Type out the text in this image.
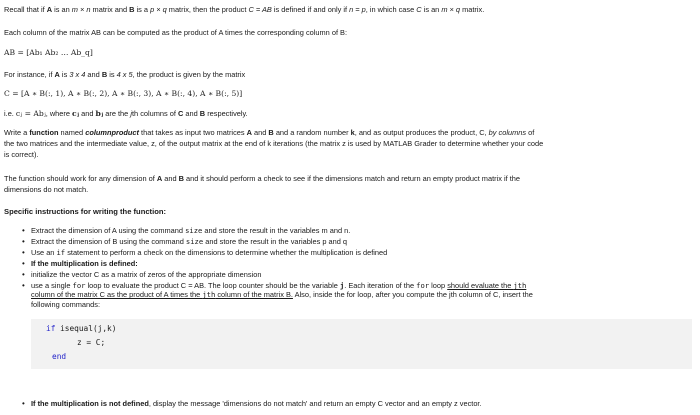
Recall that if A is an m × n matrix and B is a p × q matrix, then the product C = AB is defined if and only if n = p, in which case C is an m × q matrix.
Each column of the matrix AB can be computed as the product of A times the corresponding column of B:
AB = [Ab₁ Ab₂ … Ab_q]
For instance, if A is 3 x 4 and B is 4 x 5, the product is given by the matrix
C = [A ∗ B(:, 1), A ∗ B(:, 2), A ∗ B(:, 3), A ∗ B(:, 4), A ∗ B(:, 5)]
i.e. cⱼ = Abⱼ, where cⱼ and bⱼ are the jth columns of C and B respectively.
Write a function named columnproduct that takes as input two matrices A and B and a random number k, and as output produces the product, C, by columns of
the two matrices and the intermediate value, z, of the output matrix at the end of k iterations (the matrix z is used by MATLAB Grader to determine whether your code
is correct).
The function should work for any dimension of A and B and it should perform a check to see if the dimensions match and return an empty product matrix if the
dimensions do not match.
Specific instructions for writing the function:
• Extract the dimension of A using the command size and store the result in the variables m and n.
• Extract the dimension of B using the command size and store the result in the variables p and q
• Use an if statement to perform a check on the dimensions to determine whether the multiplication is defined
• If the multiplication is defined:
• initialize the vector C as a matrix of zeros of the appropriate dimension
• use a single for loop to evaluate the product C = AB. The loop counter should be the variable j. Each iteration of the for loop should evaluate the jth
column of the matrix C as the product of A times the jth column of the matrix B. Also, inside the for loop, after you compute the jth column of C, insert the
following commands:
if isequal(j,k)
z = C;
end
• If the multiplication is not defined, display the message 'dimensions do not match' and return an empty C vector and an empty z vector.
